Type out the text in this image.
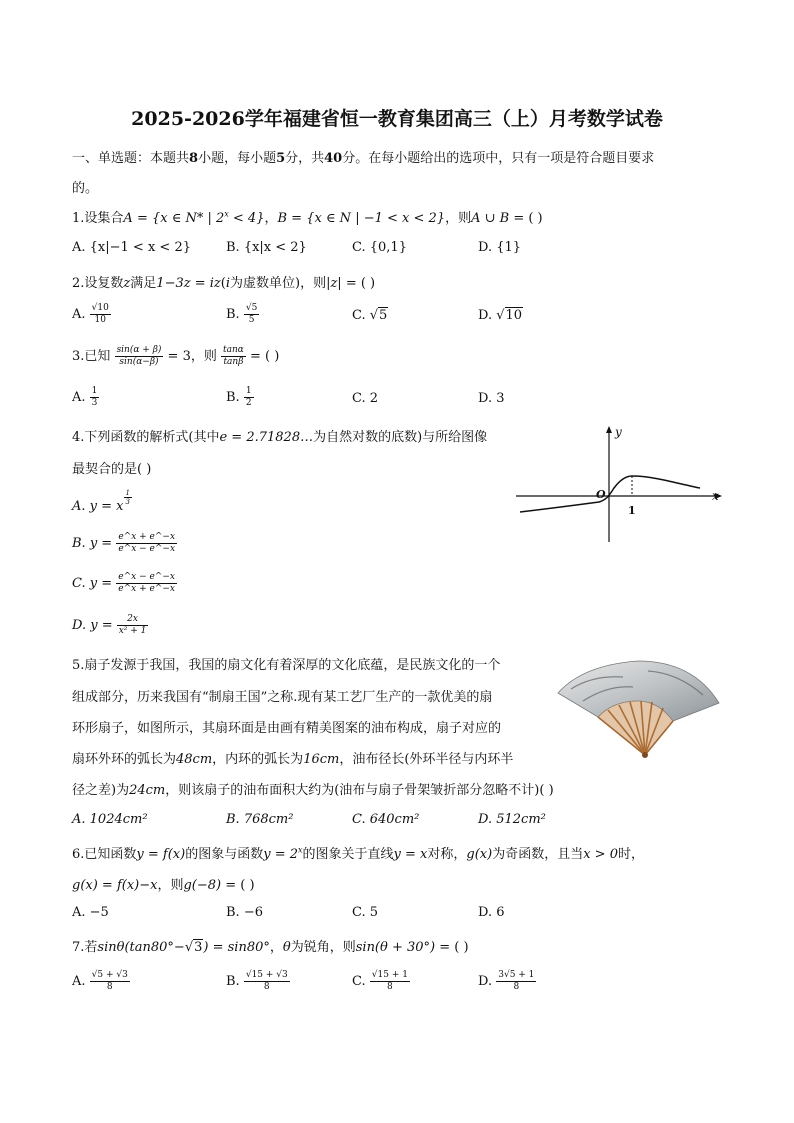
2025-2026学年福建省恒一教育集团高三（上）月考数学试卷
一、单选题：本题共8小题，每小题5分，共40分。在每小题给出的选项中，只有一项是符合题目要求
的。
1.设集合A = {x ∈ N* | $2^x < 4$}，B = {x ∈ N | −1 < x < 2}，则A ∪ B = ( )
A. {x|−1 < x < 2}	B. {x|x < 2}	C. {0,1}	D. {1}
2.设复数z满足1−3z = iz(i为虚数单位)，则|z| = ( )
A. $\frac{√10}{10}$	B. $\frac{√5}{5}$	C. √5	D. √10
3.已知 $\frac{\sin(\alpha + \beta)}{\sin(\alpha-\beta)} = 3$，则 $\frac{\tan\alpha}{\tan\beta}$ = ( )
A. $\frac{1}{3}$	B. $\frac{1}{2}$	C. 2	D. 3
4.下列函数的解析式(其中e = 2.71828…为自然对数的底数)与所给图像
最契合的是( )
A. y = x
$\frac{1}{3}$
B. $y = \frac{e\^{}x + e\^{}-x}{e\^{}x - e\^{}-x}$
C. $y = \frac{e\^{}x - e\^{}-x}{e\^{}x + e\^{}-x}$
D. $y = \frac{2x}{\text{x² + 1}}$
y
x
O
1
5.扇子发源于我国，我国的扇文化有着深厚的文化底蕴，是民族文化的一个
组成部分，历来我国有“制扇王国”之称.现有某工艺厂生产的一款优美的扇
环形扇子，如图所示，其扇环面是由画有精美图案的油布构成，扇子对应的
扇环外环的弧长为48cm，内环的弧长为16cm，油布径长(外环半径与内环半
径之差)为24cm，则该扇子的油布面积大约为(油布与扇子骨架皱折部分忽略不计)( )
A. 1024cm²	B. 768cm²	C. 640cm²	D. 512cm²
6.已知函数y = f(x)的图象与函数$y = 2^x$的图象关于直线y = x对称，g(x)为奇函数，且当x > 0时，
g(x) = f(x)−x，则g(−8) = ( )
A. −5	B. −6	C. 5	D. 6
7.若sinθ(tan80°−√3) = sin80°，θ为锐角，则sin(θ + 30°) = ( )
A. $\frac{√5 + √3}{8}$	B. $\frac{√15 + √3}{8}$	C. $\frac{√15 + 1}{8}$	D. $\frac{3√5 + 1}{8}$
